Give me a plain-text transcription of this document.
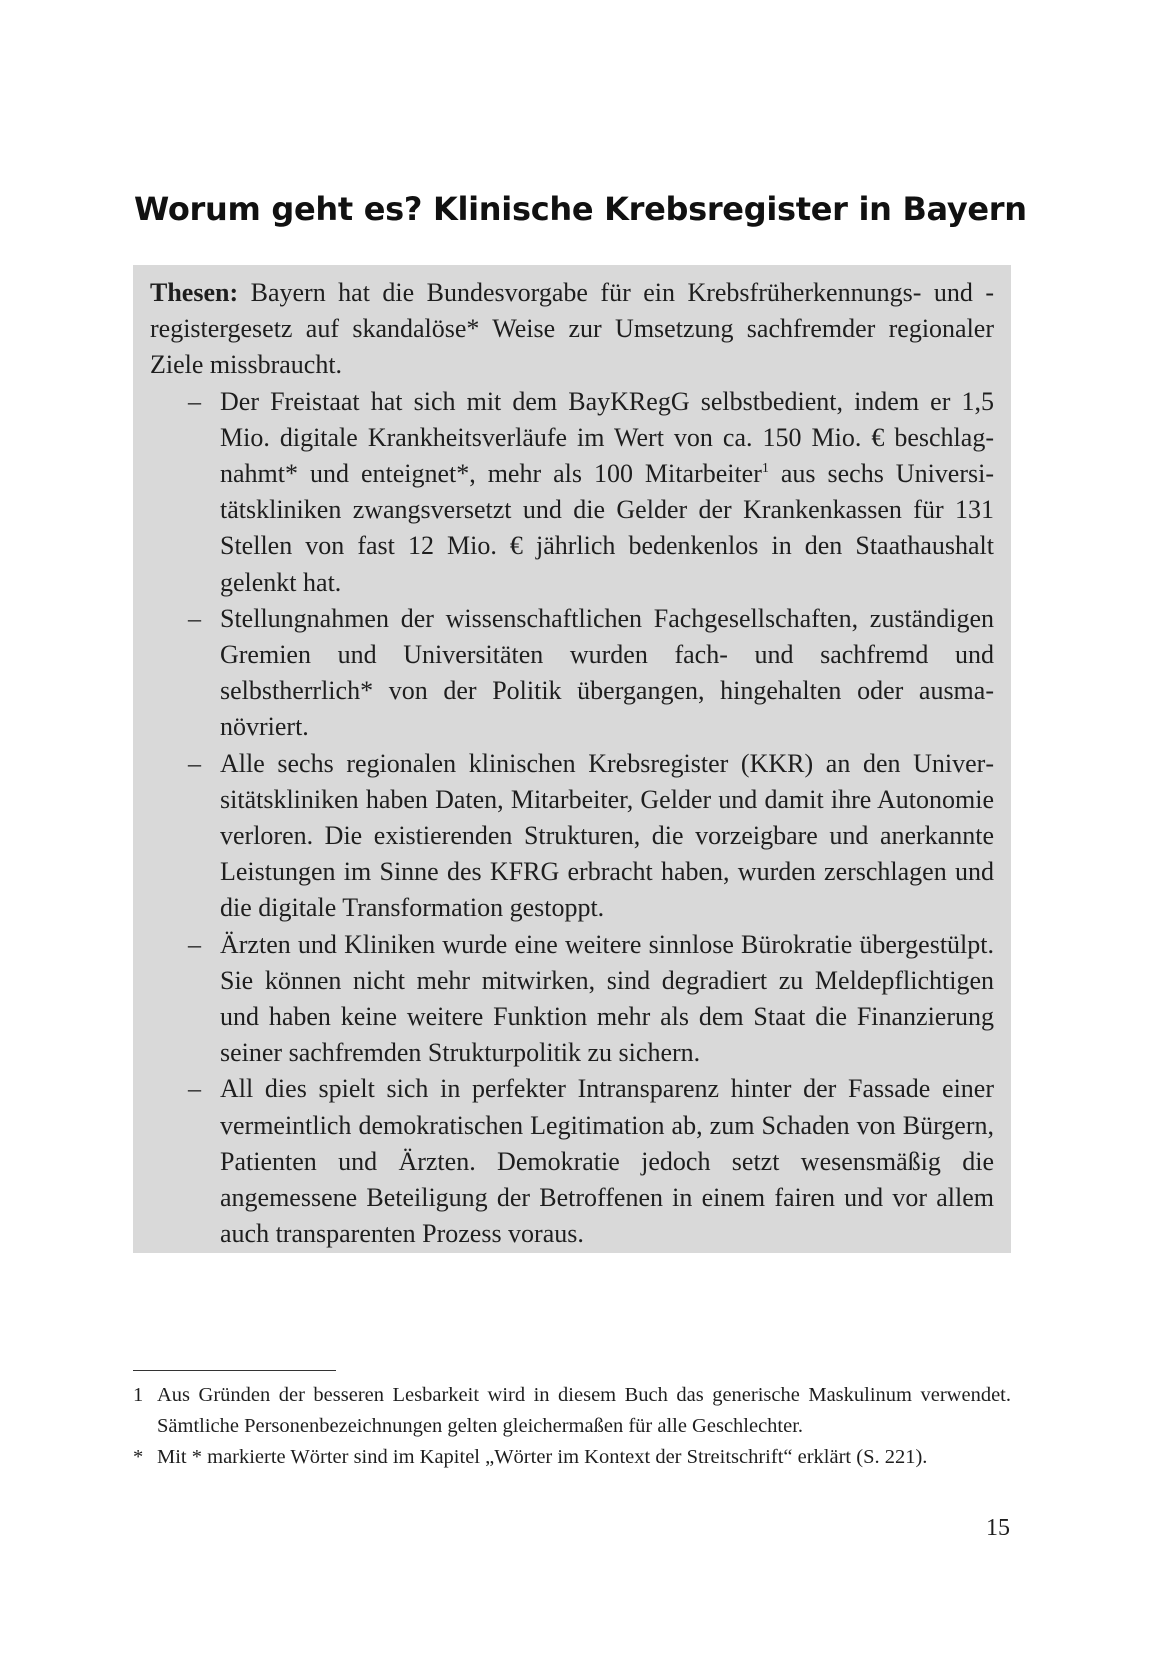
Worum geht es? Klinische Krebsregister in Bayern

Thesen: Bayern hat die Bundesvorgabe für ein Krebsfrüherkennungs- und -registergesetz auf skandalöse* Weise zur Umsetzung sachfremder regionaler Ziele missbraucht.

– Der Freistaat hat sich mit dem BayKRegG selbstbedient, indem er 1,5 Mio. digitale Krankheitsverläufe im Wert von ca. 150 Mio. € beschlagnahmt* und enteignet*, mehr als 100 Mitarbeiter$^1$ aus sechs Universitätskliniken zwangsversetzt und die Gelder der Krankenkassen für 131 Stellen von fast 12 Mio. € jährlich bedenkenlos in den Staathaushalt gelenkt hat.
– Stellungnahmen der wissenschaftlichen Fachgesellschaften, zuständigen Gremien und Universitäten wurden fach- und sachfremd und selbstherrlich* von der Politik übergangen, hingehalten oder ausmanövriert.
– Alle sechs regionalen klinischen Krebsregister (KKR) an den Universitätskliniken haben Daten, Mitarbeiter, Gelder und damit ihre Autonomie verloren. Die existierenden Strukturen, die vorzeigbare und anerkannte Leistungen im Sinne des KFRG erbracht haben, wurden zerschlagen und die digitale Transformation gestoppt.
– Ärzten und Kliniken wurde eine weitere sinnlose Bürokratie übergestülpt. Sie können nicht mehr mitwirken, sind degradiert zu Meldepflichtigen und haben keine weitere Funktion mehr als dem Staat die Finanzierung seiner sachfremden Strukturpolitik zu sichern.
– All dies spielt sich in perfekter Intransparenz hinter der Fassade einer vermeintlich demokratischen Legitimation ab, zum Schaden von Bürgern, Patienten und Ärzten. Demokratie jedoch setzt wesensmäßig die angemessene Beteiligung der Betroffenen in einem fairen und vor allem auch transparenten Prozess voraus.
1 Aus Gründen der besseren Lesbarkeit wird in diesem Buch das generische Maskulinum verwendet. Sämtliche Personenbezeichnungen gelten gleichermaßen für alle Geschlechter.
* Mit * markierte Wörter sind im Kapitel „Wörter im Kontext der Streitschrift“ erklärt (S. 221).
15
